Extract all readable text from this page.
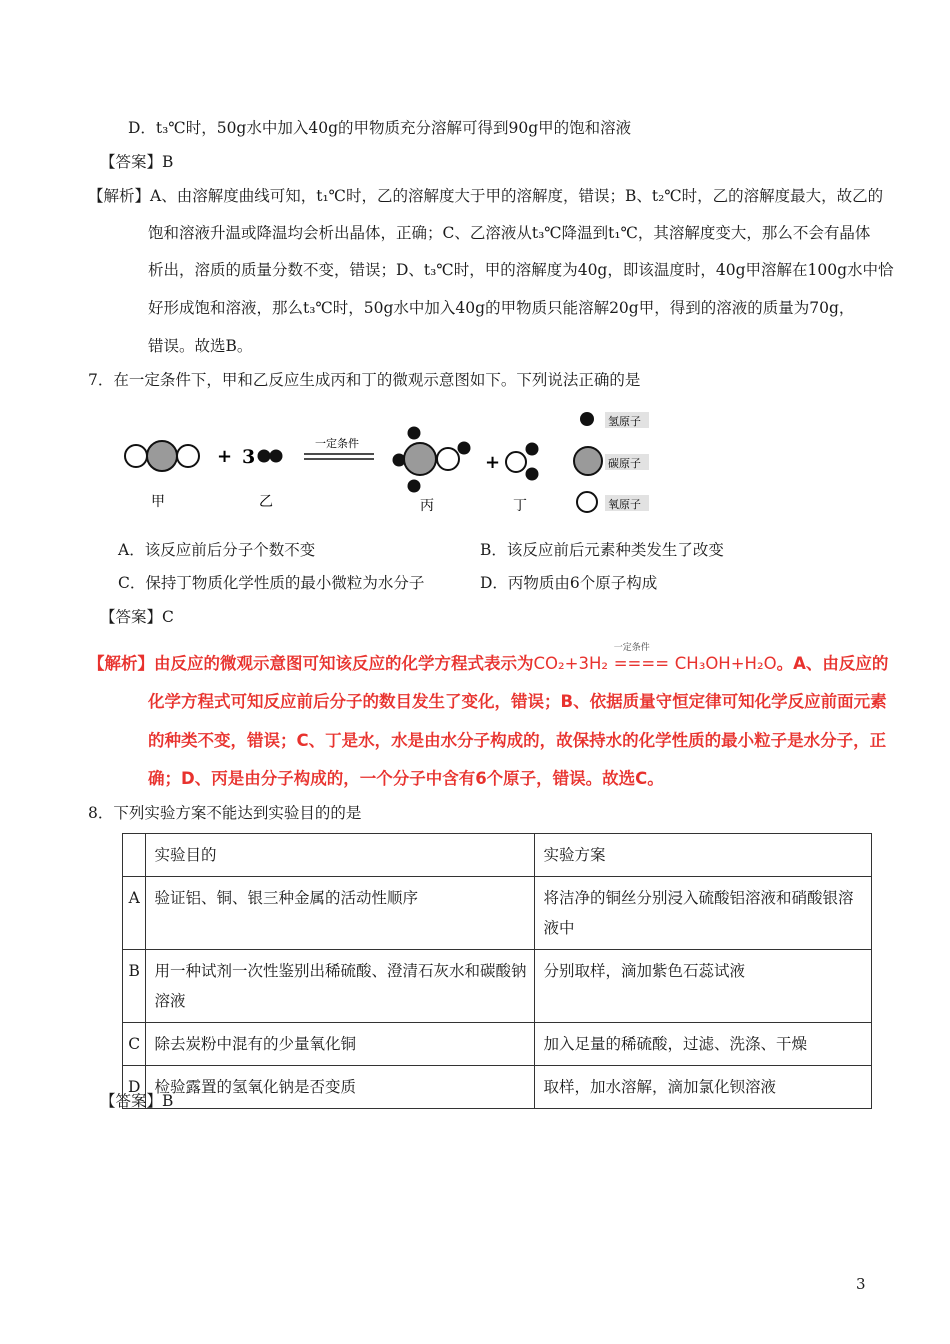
D．t₃℃时，50g水中加入40g的甲物质充分溶解可得到90g甲的饱和溶液
【答案】B
【解析】A、由溶解度曲线可知，t₁℃时，乙的溶解度大于甲的溶解度，错误；B、t₂℃时，乙的溶解度最大，故乙的
饱和溶液升温或降温均会析出晶体，正确；C、乙溶液从t₃℃降温到t₁℃，其溶解度变大，那么不会有晶体
析出，溶质的质量分数不变，错误；D、t₃℃时，甲的溶解度为40g，即该温度时，40g甲溶解在100g水中恰
好形成饱和溶液，那么t₃℃时，50g水中加入40g的甲物质只能溶解20g甲，得到的溶液的质量为70g，
错误。故选B。
7．在一定条件下，甲和乙反应生成丙和丁的微观示意图如下。下列说法正确的是
甲
+ 3
乙
一定条件
丙
+
丁
氢原子
碳原子
氧原子
A．该反应前后分子个数不变	B．该反应前后元素种类发生了改变
C．保持丁物质化学性质的最小微粒为水分子	D．丙物质由6个原子构成
【答案】C
【解析】由反应的微观示意图可知该反应的化学方程式表示为CO₂+3H₂
一定条件
==== CH₃OH+H₂O。A、由反应的
化学方程式可知反应前后分子的数目发生了变化，错误；B、依据质量守恒定律可知化学反应前面元素
的种类不变，错误；C、丁是水，水是由水分子构成的，故保持水的化学性质的最小粒子是水分子，正
确；D、丙是由分子构成的，一个分子中含有6个原子，错误。故选C。
8．下列实验方案不能达到实验目的的是
	实验目的	实验方案
A	验证铝、铜、银三种金属的活动性顺序	将洁净的铜丝分别浸入硫酸铝溶液和硝酸银溶液中
B	用一种试剂一次性鉴别出稀硫酸、澄清石灰水和碳酸钠溶液	分别取样，滴加紫色石蕊试液
C	除去炭粉中混有的少量氧化铜	加入足量的稀硫酸，过滤、洗涤、干燥
D	检验露置的氢氧化钠是否变质	取样，加水溶解，滴加氯化钡溶液
【答案】B
3
